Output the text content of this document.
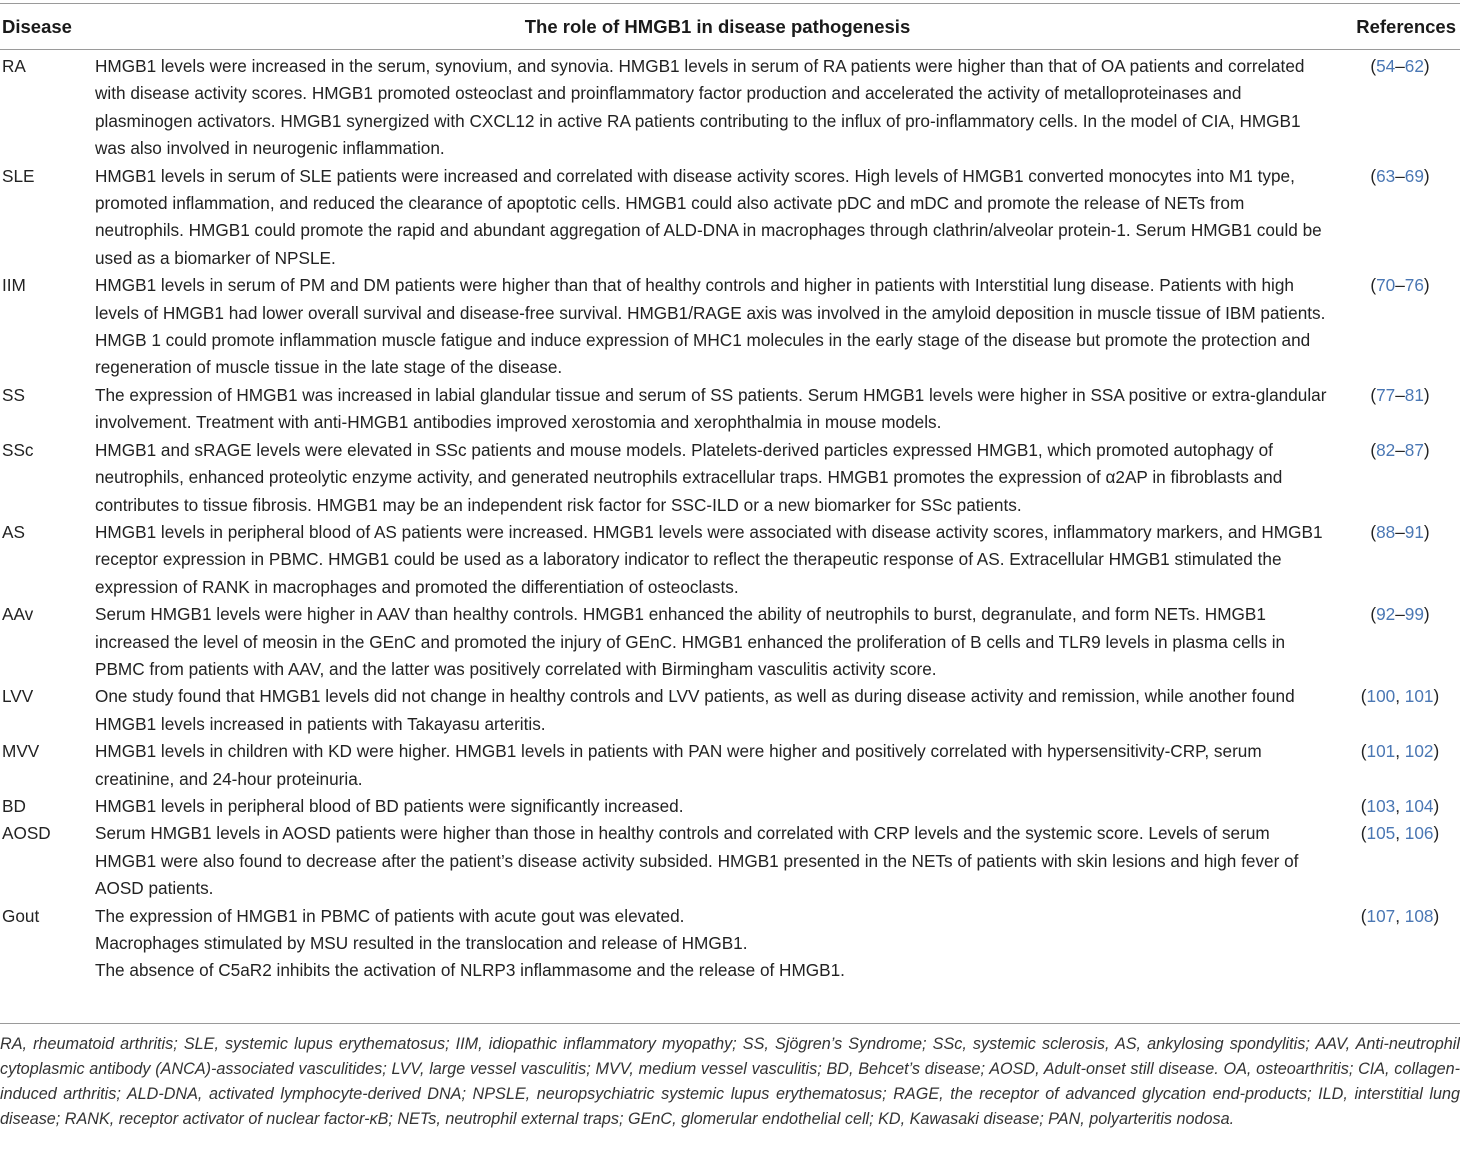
Disease	The role of HMGB1 in disease pathogenesis	References
RA	HMGB1 levels were increased in the serum, synovium, and synovia. HMGB1 levels in serum of RA patients were higher than that of OA patients and correlated with disease activity scores. HMGB1 promoted osteoclast and proinflammatory factor production and accelerated the activity of metalloproteinases and plasminogen activators. HMGB1 synergized with CXCL12 in active RA patients contributing to the influx of pro-inflammatory cells. In the model of CIA, HMGB1 was also involved in neurogenic inflammation.	(54–62)
SLE	HMGB1 levels in serum of SLE patients were increased and correlated with disease activity scores. High levels of HMGB1 converted monocytes into M1 type, promoted inflammation, and reduced the clearance of apoptotic cells. HMGB1 could also activate pDC and mDC and promote the release of NETs from neutrophils. HMGB1 could promote the rapid and abundant aggregation of ALD-DNA in macrophages through clathrin/alveolar protein-1. Serum HMGB1 could be used as a biomarker of NPSLE.	(63–69)
IIM	HMGB1 levels in serum of PM and DM patients were higher than that of healthy controls and higher in patients with Interstitial lung disease. Patients with high levels of HMGB1 had lower overall survival and disease-free survival. HMGB1/RAGE axis was involved in the amyloid deposition in muscle tissue of IBM patients. HMGB 1 could promote inflammation muscle fatigue and induce expression of MHC1 molecules in the early stage of the disease but promote the protection and regeneration of muscle tissue in the late stage of the disease.	(70–76)
SS	The expression of HMGB1 was increased in labial glandular tissue and serum of SS patients. Serum HMGB1 levels were higher in SSA positive or extra-glandular involvement. Treatment with anti-HMGB1 antibodies improved xerostomia and xerophthalmia in mouse models.	(77–81)
SSc	HMGB1 and sRAGE levels were elevated in SSc patients and mouse models. Platelets-derived particles expressed HMGB1, which promoted autophagy of neutrophils, enhanced proteolytic enzyme activity, and generated neutrophils extracellular traps. HMGB1 promotes the expression of α2AP in fibroblasts and contributes to tissue fibrosis. HMGB1 may be an independent risk factor for SSC-ILD or a new biomarker for SSc patients.	(82–87)
AS	HMGB1 levels in peripheral blood of AS patients were increased. HMGB1 levels were associated with disease activity scores, inflammatory markers, and HMGB1 receptor expression in PBMC. HMGB1 could be used as a laboratory indicator to reflect the therapeutic response of AS. Extracellular HMGB1 stimulated the expression of RANK in macrophages and promoted the differentiation of osteoclasts.	(88–91)
AAv	Serum HMGB1 levels were higher in AAV than healthy controls. HMGB1 enhanced the ability of neutrophils to burst, degranulate, and form NETs. HMGB1 increased the level of meosin in the GEnC and promoted the injury of GEnC. HMGB1 enhanced the proliferation of B cells and TLR9 levels in plasma cells in PBMC from patients with AAV, and the latter was positively correlated with Birmingham vasculitis activity score.	(92–99)
LVV	One study found that HMGB1 levels did not change in healthy controls and LVV patients, as well as during disease activity and remission, while another found HMGB1 levels increased in patients with Takayasu arteritis.	(100, 101)
MVV	HMGB1 levels in children with KD were higher. HMGB1 levels in patients with PAN were higher and positively correlated with hypersensitivity-CRP, serum creatinine, and 24-hour proteinuria.	(101, 102)
BD	HMGB1 levels in peripheral blood of BD patients were significantly increased.	(103, 104)
AOSD	Serum HMGB1 levels in AOSD patients were higher than those in healthy controls and correlated with CRP levels and the systemic score. Levels of serum HMGB1 were also found to decrease after the patient’s disease activity subsided. HMGB1 presented in the NETs of patients with skin lesions and high fever of AOSD patients.	(105, 106)
Gout	The expression of HMGB1 in PBMC of patients with acute gout was elevated.
Macrophages stimulated by MSU resulted in the translocation and release of HMGB1.
The absence of C5aR2 inhibits the activation of NLRP3 inflammasome and the release of HMGB1.	(107, 108)
RA, rheumatoid arthritis; SLE, systemic lupus erythematosus; IIM, idiopathic inflammatory myopathy; SS, Sjögren’s Syndrome; SSc, systemic sclerosis, AS, ankylosing spondylitis; AAV, Anti-neutrophil cytoplasmic antibody (ANCA)-associated vasculitides; LVV, large vessel vasculitis; MVV, medium vessel vasculitis; BD, Behcet’s disease; AOSD, Adult-onset still disease. OA, osteoarthritis; CIA, collagen-induced arthritis; ALD-DNA, activated lymphocyte-derived DNA; NPSLE, neuropsychiatric systemic lupus erythematosus; RAGE, the receptor of advanced glycation end-products; ILD, interstitial lung disease; RANK, receptor activator of nuclear factor-κB; NETs, neutrophil external traps; GEnC, glomerular endothelial cell; KD, Kawasaki disease; PAN, polyarteritis nodosa.
